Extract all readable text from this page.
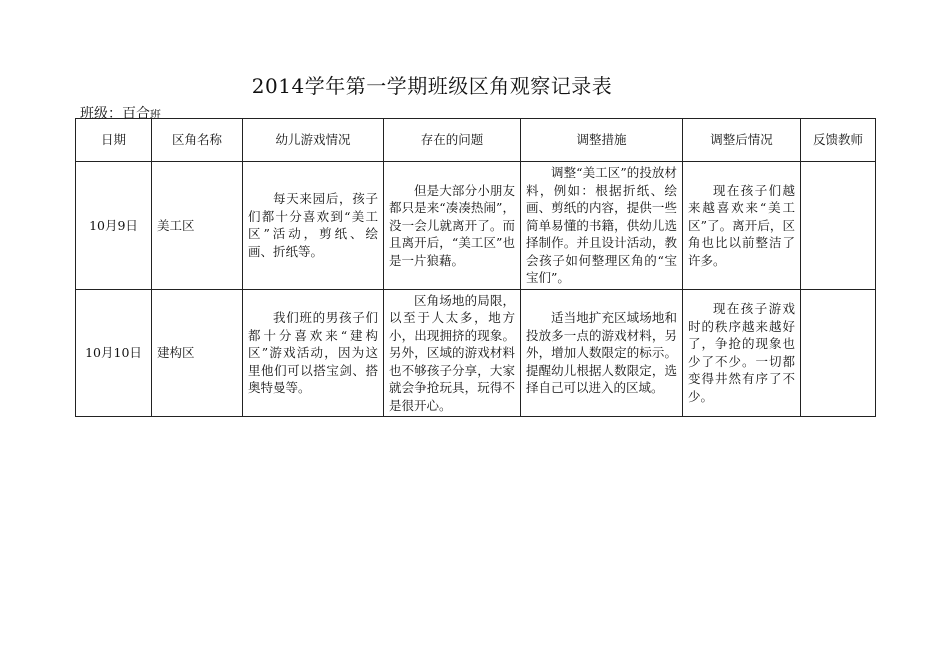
2014学年第一学期班级区角观察记录表
班级：百合班
日期	区角名称	幼儿游戏情况	存在的问题	调整措施	调整后情况	反馈教师
10月9日	美工区	每天来园后，孩子们都十分喜欢到“美工区”活动，剪纸、绘画、折纸等。	但是大部分小朋友都只是来“凑凑热闹”，没一会儿就离开了。而且离开后，“美工区”也是一片狼藉。	调整“美工区”的投放材料，例如：根据折纸、绘画、剪纸的内容，提供一些简单易懂的书籍，供幼儿选择制作。并且设计活动，教会孩子如何整理区角的“宝宝们”。	现在孩子们越来越喜欢来“美工区”了。离开后，区角也比以前整洁了许多。	
10月10日	建构区	我们班的男孩子们都十分喜欢来“建构区”游戏活动，因为这里他们可以搭宝剑、搭奥特曼等。	区角场地的局限，以至于人太多，地方小，出现拥挤的现象。另外，区域的游戏材料也不够孩子分享，大家就会争抢玩具，玩得不是很开心。	适当地扩充区域场地和投放多一点的游戏材料，另外，增加人数限定的标示。提醒幼儿根据人数限定，选择自己可以进入的区域。	现在孩子游戏时的秩序越来越好了，争抢的现象也少了不少。一切都变得井然有序了不少。	
